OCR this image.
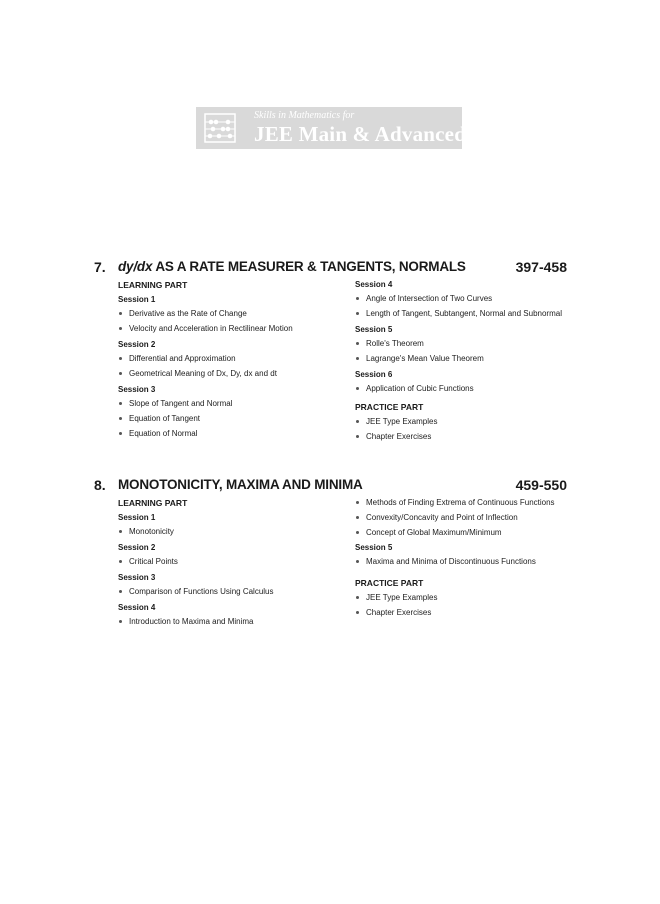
Skills in Mathematics for
JEE Main & Advanced
7. dy/dx AS A RATE MEASURER & TANGENTS, NORMALS	397-458
LEARNING PART
Session 1
Derivative as the Rate of Change
Velocity and Acceleration in Rectilinear Motion
Session 2
Differential and Approximation
Geometrical Meaning of Dx, Dy, dx and dt
Session 3
Slope of Tangent and Normal
Equation of Tangent
Equation of Normal
Session 4
Angle of Intersection of Two Curves
Length of Tangent, Subtangent, Normal and Subnormal
Session 5
Rolle's Theorem
Lagrange's Mean Value Theorem
Session 6
Application of Cubic Functions
PRACTICE PART
JEE Type Examples
Chapter Exercises
8. MONOTONICITY, MAXIMA AND MINIMA	459-550
LEARNING PART
Session 1
Monotonicity
Session 2
Critical Points
Session 3
Comparison of Functions Using Calculus
Session 4
Introduction to Maxima and Minima
Methods of Finding Extrema of Continuous Functions
Convexity/Concavity and Point of Inflection
Concept of Global Maximum/Minimum
Session 5
Maxima and Minima of Discontinuous Functions
PRACTICE PART
JEE Type Examples
Chapter Exercises
